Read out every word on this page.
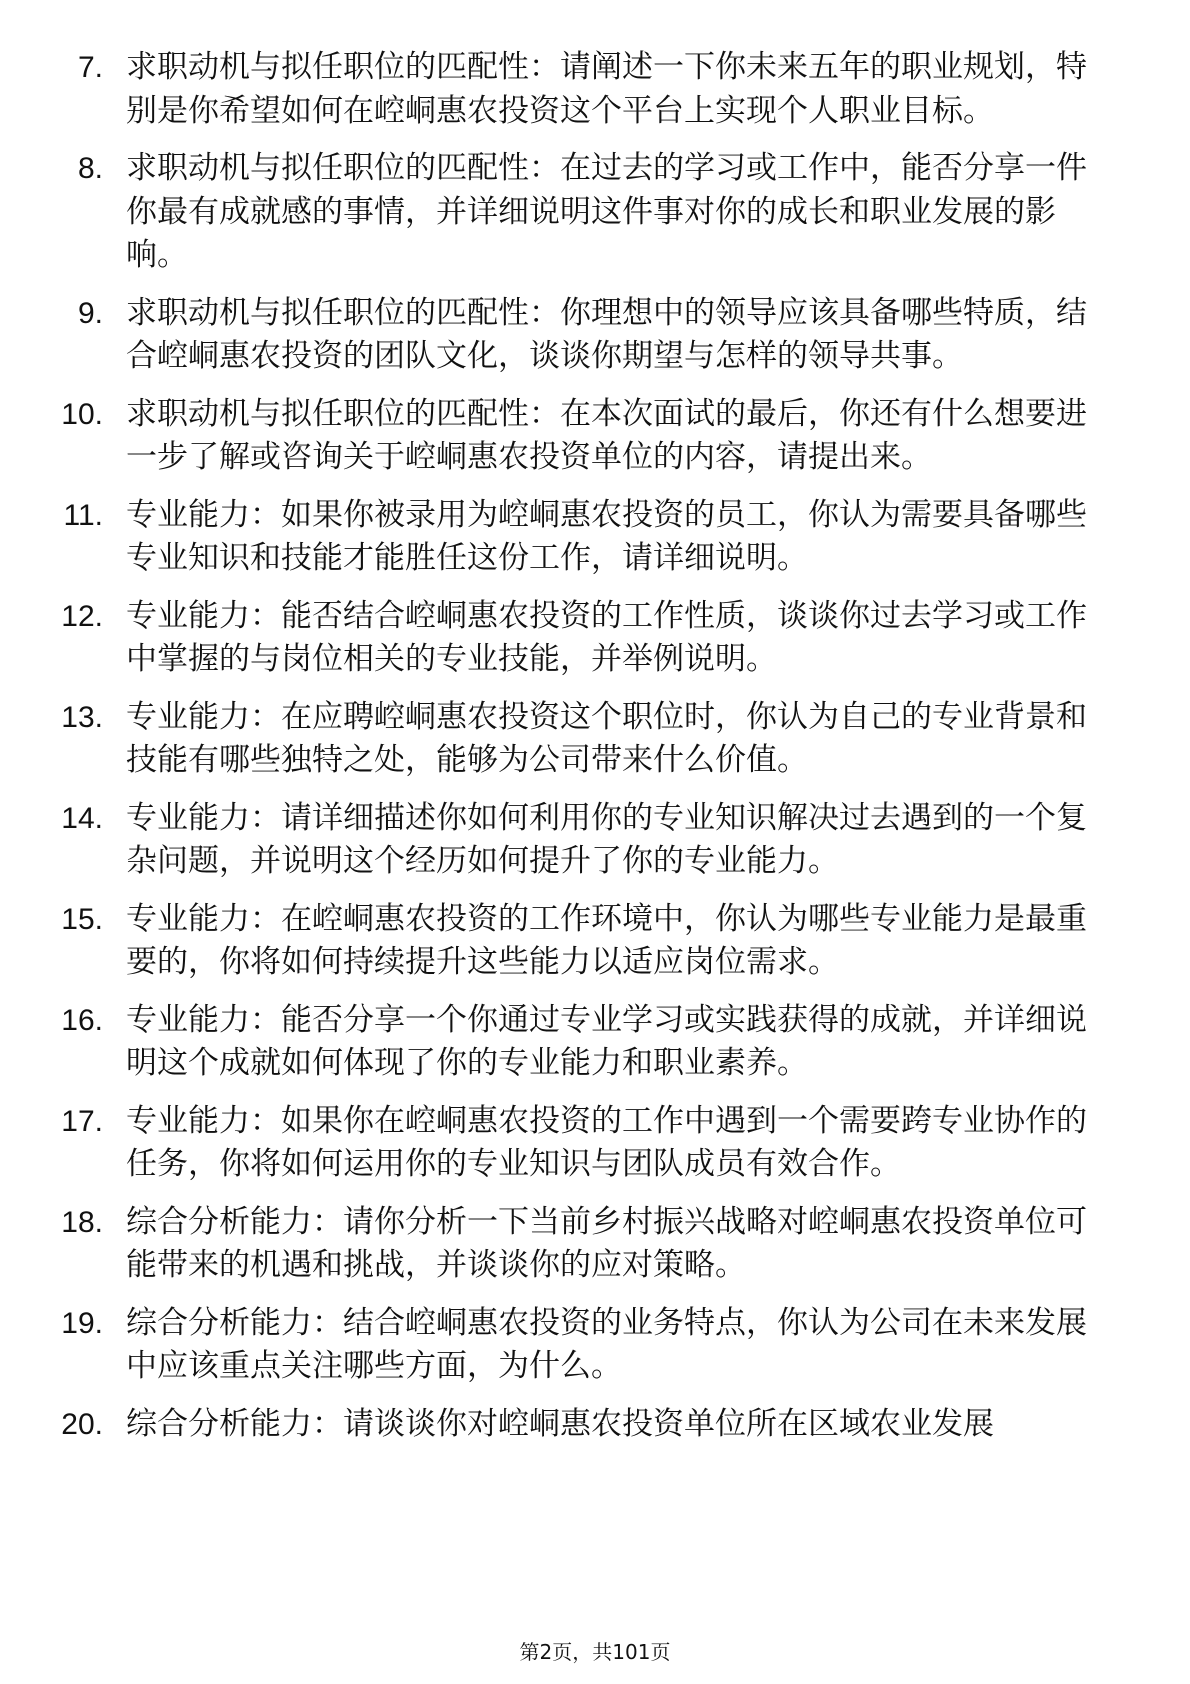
7. 求职动机与拟任职位的匹配性：请阐述一下你未来五年的职业规划，特别是你希望如何在崆峒惠农投资这个平台上实现个人职业目标。
8. 求职动机与拟任职位的匹配性：在过去的学习或工作中，能否分享一件你最有成就感的事情，并详细说明这件事对你的成长和职业发展的影响。
9. 求职动机与拟任职位的匹配性：你理想中的领导应该具备哪些特质，结合崆峒惠农投资的团队文化，谈谈你期望与怎样的领导共事。
10. 求职动机与拟任职位的匹配性：在本次面试的最后，你还有什么想要进一步了解或咨询关于崆峒惠农投资单位的内容，请提出来。
11. 专业能力：如果你被录用为崆峒惠农投资的员工，你认为需要具备哪些专业知识和技能才能胜任这份工作，请详细说明。
12. 专业能力：能否结合崆峒惠农投资的工作性质，谈谈你过去学习或工作中掌握的与岗位相关的专业技能，并举例说明。
13. 专业能力：在应聘崆峒惠农投资这个职位时，你认为自己的专业背景和技能有哪些独特之处，能够为公司带来什么价值。
14. 专业能力：请详细描述你如何利用你的专业知识解决过去遇到的一个复杂问题，并说明这个经历如何提升了你的专业能力。
15. 专业能力：在崆峒惠农投资的工作环境中，你认为哪些专业能力是最重要的，你将如何持续提升这些能力以适应岗位需求。
16. 专业能力：能否分享一个你通过专业学习或实践获得的成就，并详细说明这个成就如何体现了你的专业能力和职业素养。
17. 专业能力：如果你在崆峒惠农投资的工作中遇到一个需要跨专业协作的任务，你将如何运用你的专业知识与团队成员有效合作。
18. 综合分析能力：请你分析一下当前乡村振兴战略对崆峒惠农投资单位可能带来的机遇和挑战，并谈谈你的应对策略。
19. 综合分析能力：结合崆峒惠农投资的业务特点，你认为公司在未来发展中应该重点关注哪些方面，为什么。
20. 综合分析能力：请谈谈你对崆峒惠农投资单位所在区域农业发展
第2页，共101页
